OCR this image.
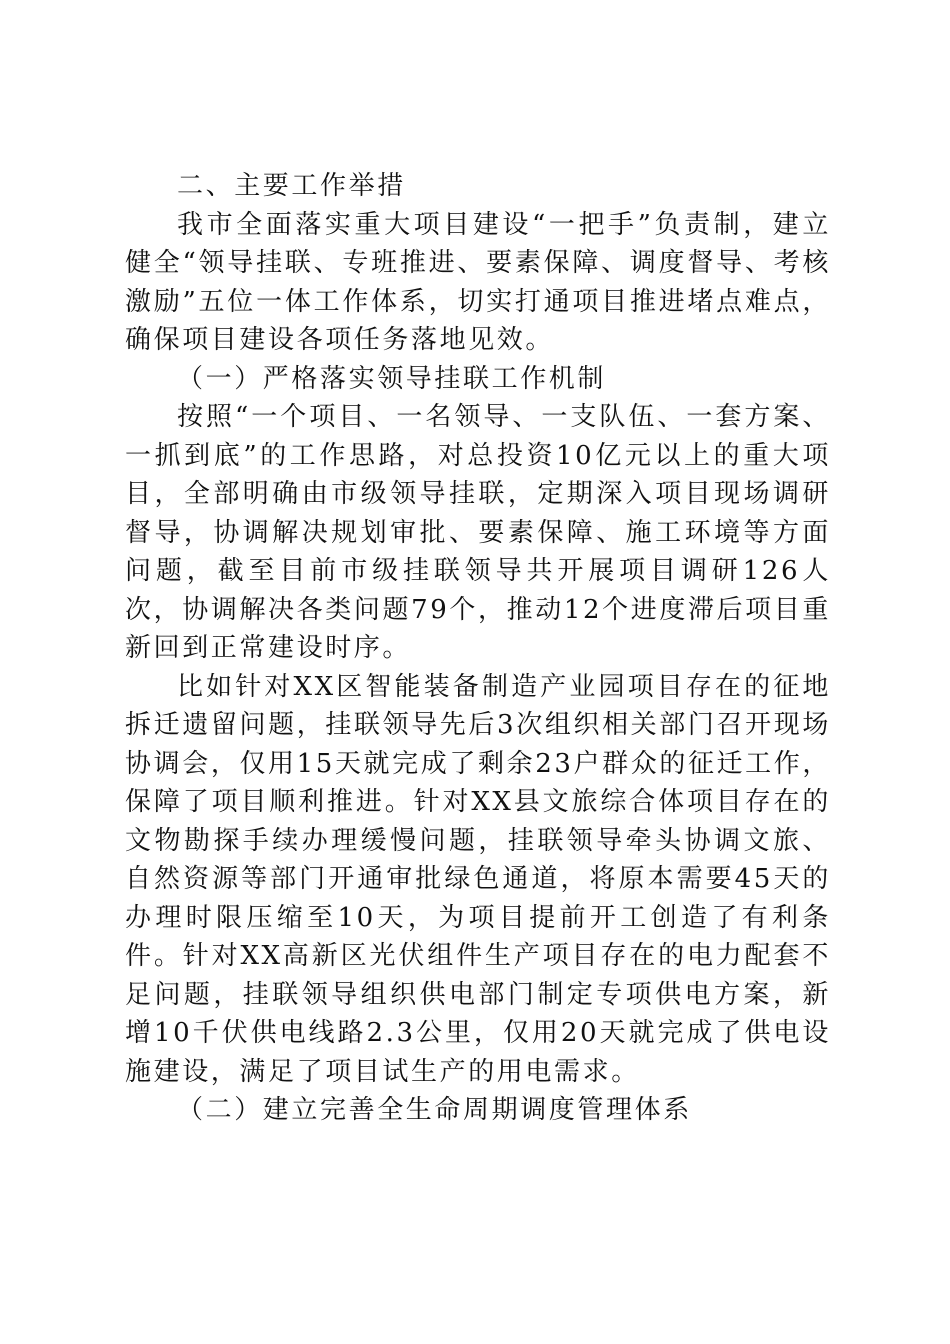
二、主要工作举措

我市全面落实重大项目建设“一把手”负责制，建立健全“领导挂联、专班推进、要素保障、调度督导、考核激励”五位一体工作体系，切实打通项目推进堵点难点，确保项目建设各项任务落地见效。

（一）严格落实领导挂联工作机制

按照“一个项目、一名领导、一支队伍、一套方案、一抓到底”的工作思路，对总投资10亿元以上的重大项目，全部明确由市级领导挂联，定期深入项目现场调研督导，协调解决规划审批、要素保障、施工环境等方面问题，截至目前市级挂联领导共开展项目调研126人次，协调解决各类问题79个，推动12个进度滞后项目重新回到正常建设时序。

比如针对XX区智能装备制造产业园项目存在的征地拆迁遗留问题，挂联领导先后3次组织相关部门召开现场协调会，仅用15天就完成了剩余23户群众的征迁工作，保障了项目顺利推进。针对XX县文旅综合体项目存在的文物勘探手续办理缓慢问题，挂联领导牵头协调文旅、自然资源等部门开通审批绿色通道，将原本需要45天的办理时限压缩至10天，为项目提前开工创造了有利条件。针对XX高新区光伏组件生产项目存在的电力配套不足问题，挂联领导组织供电部门制定专项供电方案，新增10千伏供电线路2.3公里，仅用20天就完成了供电设施建设，满足了项目试生产的用电需求。

（二）建立完善全生命周期调度管理体系
